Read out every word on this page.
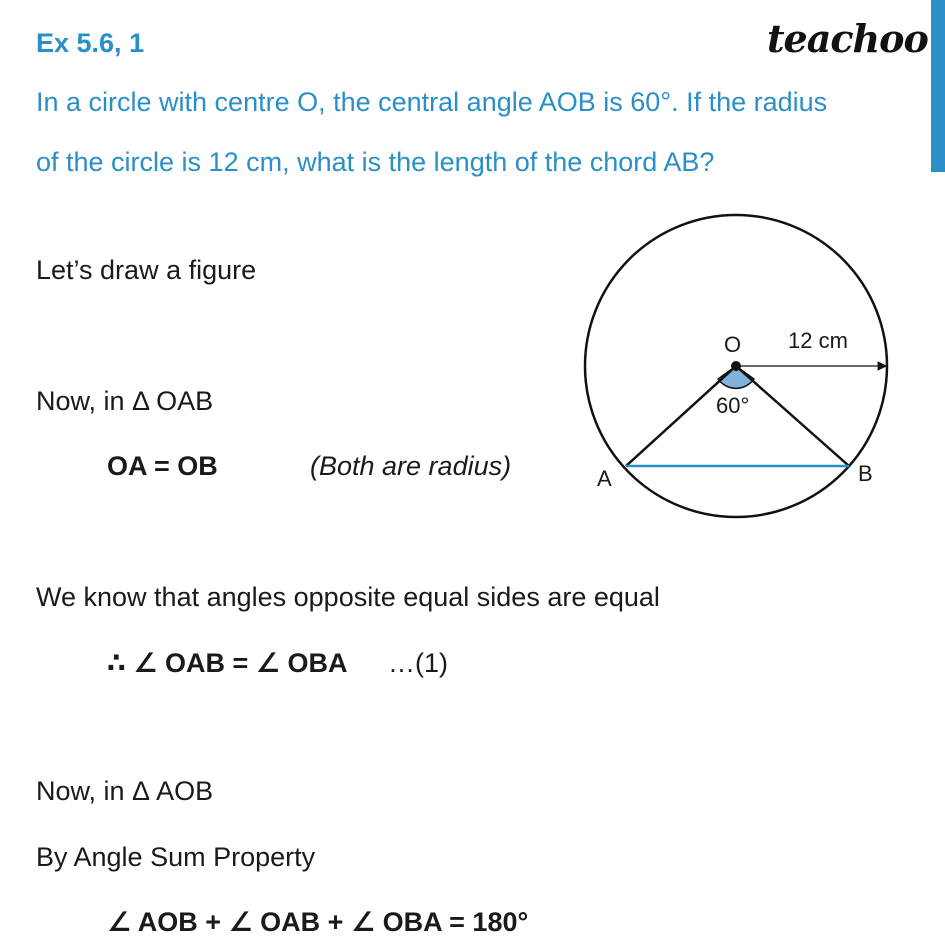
Ex 5.6, 1	teachoo
In a circle with centre O, the central angle AOB is 60°. If the radius
of the circle is 12 cm, what is the length of the chord AB?
Let’s draw a figure
Now, in Δ OAB
OA = OB	(Both are radius)
We know that angles opposite equal sides are equal
∴ ∠ OAB = ∠ OBA …(1)
Now, in Δ AOB
By Angle Sum Property
∠ AOB + ∠ OAB + ∠ OBA = 180°
O 12 cm
60°
A	B
